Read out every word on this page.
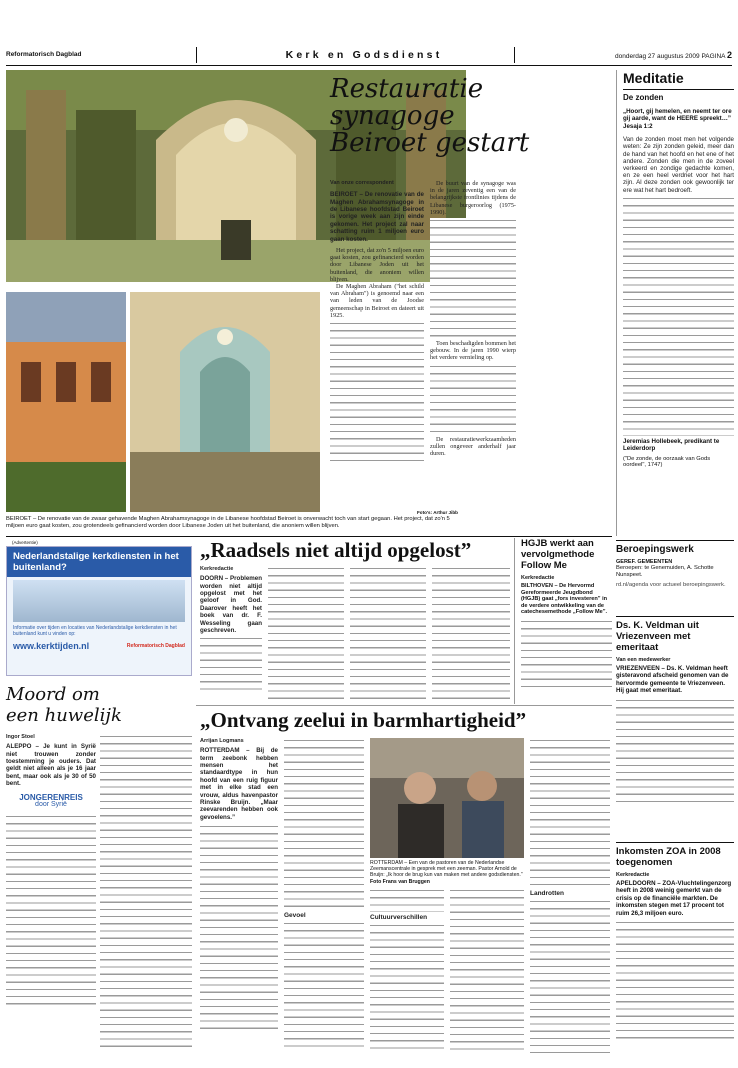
Reformatorisch Dagblad	Kerk en Godsdienst	donderdag 27 augustus 2009 PAGINA 2
BEIROET – De renovatie van de zwaar gehavende Maghen Abrahamsynagoge in de Libanese hoofdstad Beiroet is onverwacht toch van start gegaan. Het project, dat zo'n 5 miljoen euro gaat kosten, zou grotendeels gefinancierd worden door Libanese Joden uit het buitenland, die anoniem willen blijven.
Foto's: Arthur Jibb
Restauratie
synagoge
Beiroet gestart
Van onze correspondent
BEIROET – De renovatie van de Maghen Abrahamsynagoge in de Libanese hoofdstad Beiroet is vorige week aan zijn einde gekomen. Het project zal naar schatting ruim 1 miljoen euro gaan kosten.

Het project, dat zo'n 5 miljoen euro gaat kosten, zou gefinancierd worden door Libanese Joden uit het buitenland, die anoniem willen blijven.

De Maghen Abraham ("het schild van Abraham") is genoemd naar een van leden van de Joodse gemeenschap in Beiroet en dateert uit 1925.

De buurt van de synagoge was in de jaren zeventig een van de belangrijkste frontlinies tijdens de Libanese burgeroorlog (1975-1990).

Toen beschadigden bommen het gebouw. In de jaren 1990 wierp het verdere vernieling op.

De restauratiewerkzaamheden zullen ongeveer anderhalf jaar duren.

Meditatie
De zonden
„Hoort, gij hemelen, en neemt ter ore gij aarde, want de HEERE spreekt…” Jesaja 1:2
Van de zonden moet men het volgende weten: Ze zijn zonden geleid, meer dan de hand van het hoofd en het ene of het andere. Zonden die men in de zoveel verkeerd en zondige gedachte komen, en ze een heel verdriet voor het hart zijn. Al deze zonden ook gewoonlijk ter ere wat het hart bedroeft.
Jeremias Hollebeek, predikant te Leiderdorp
("De zonde, de oorzaak van Gods oordeel", 1747)
Beroepingswerk
GEREF. GEMEENTEN
Beroepen: te Genemuiden, A. Schotte Nunspeet.
rd.nl/agenda voor actueel beroepingswerk.
Ds. K. Veldman uit Vriezenveen met emeritaat
Van een medewerker
VRIEZENVEEN – Ds. K. Veldman heeft gisteravond afscheid genomen van de hervormde gemeente te Vriezenveen. Hij gaat met emeritaat.
Inkomsten ZOA in 2008 toegenomen
Kerkredactie
APELDOORN – ZOA-Vluchtelingenzorg heeft in 2008 weinig gemerkt van de crisis op de financiële markten. De inkomsten stegen met 17 procent tot ruim 26,3 miljoen euro.
(Advertentie)
Nederlandstalige kerkdiensten in het buitenland?
Informatie over tijden en locaties van Nederlandstalige kerkdiensten in het buitenland kunt u vinden op:
www.kerktijden.nl	Reformatorisch Dagblad
„Raadsels niet altijd opgelost”
Kerkredactie
DOORN – Problemen worden niet altijd opgelost met het geloof in God. Daarover heeft het boek van dr. F. Wesseling gaan geschreven.
HGJB werkt aan vervolgmethode Follow Me
Kerkredactie
BILTHOVEN – De Hervormd Gereformeerde Jeugdbond (HGJB) gaat „fors investeren” in de verdere ontwikkeling van de catechesemethode „Follow Me”.
Moord om
een huwelijk
Ingor Stoel
ALEPPO – Je kunt in Syrië niet trouwen zonder toestemming je ouders. Dat geldt niet alleen als je 16 jaar bent, maar ook als je 30 of 50 bent.
JONGERENREIS
door Syrië
„Ontvang zeelui in barmhartigheid”
Arrijan Logmans
ROTTERDAM – Bij de term zeebonk hebben mensen het standaardtype in hun hoofd van een ruig figuur met in elke stad een vrouw, aldus havenpastor Rinske Bruijn. „Maar zeevarenden hebben ook gevoelens.”
Gevoel
ROTTERDAM – Een van de pastoren van de Nederlandse Zeemanscentrale in gesprek met een zeeman. Pastor Arnold de Bruijn: „Ik hoor de brug kun van maken met andere godsdiensten.” Foto Frans van Bruggen
Cultuurverschillen
Landrotten
